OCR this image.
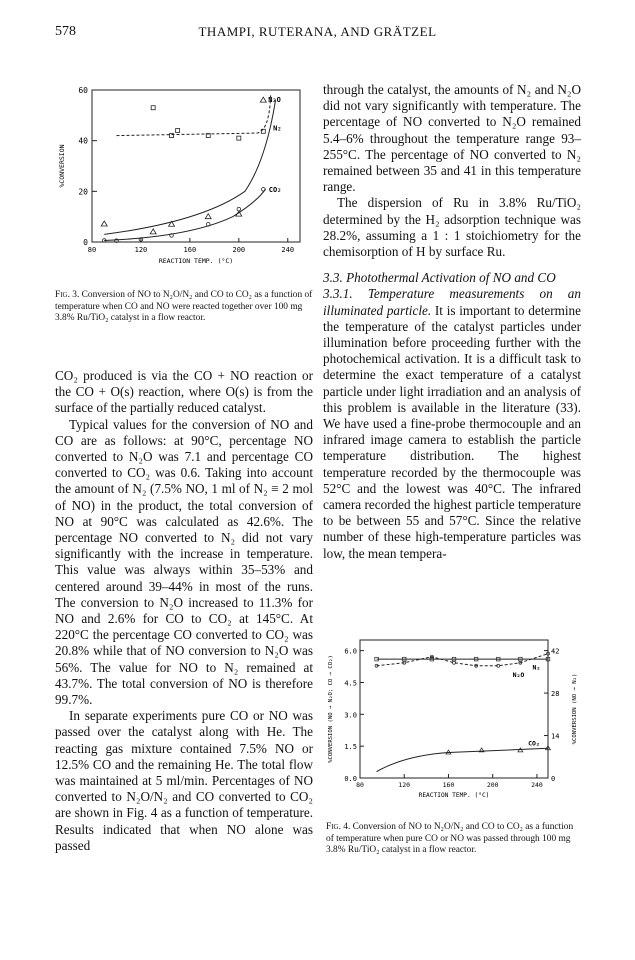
578	THAMPI, RUTERANA, AND GRÄTZEL
0
20
40
60
80	120	160	200	240
REACTION TEMP. (°C)
%CONVERSION
N₂O
N₂
CO₂
Fig. 3. Conversion of NO to N₂O/N₂ and CO to CO₂ as a function of temperature when CO and NO were reacted together over 100 mg 3.8% Ru/TiO₂ catalyst in a flow reactor.

CO₂ produced is via the CO + NO reaction or the CO + O(s) reaction, where O(s) is from the surface of the partially reduced catalyst.

Typical values for the conversion of NO and CO are as follows: at 90°C, percentage NO converted to N₂O was 7.1 and percentage CO converted to CO₂ was 0.6. Taking into account the amount of N₂ (7.5% NO, 1 ml of N₂ ≡ 2 mol of NO) in the product, the total conversion of NO at 90°C was calculated as 42.6%. The percentage NO converted to N₂ did not vary significantly with the increase in temperature. This value was always within 35–53% and centered around 39–44% in most of the runs. The conversion to N₂O increased to 11.3% for NO and 2.6% for CO to CO₂ at 145°C. At 220°C the percentage CO converted to CO₂ was 20.8% while that of NO conversion to N₂O was 56%. The value for NO to N₂ remained at 43.7%. The total conversion of NO is therefore 99.7%.

In separate experiments pure CO or NO was passed over the catalyst along with He. The reacting gas mixture contained 7.5% NO or 12.5% CO and the remaining He. The total flow was maintained at 5 ml/min. Percentages of NO converted to N₂O/N₂ and CO converted to CO₂ are shown in Fig. 4 as a function of temperature. Results indicated that when NO alone was passed

through the catalyst, the amounts of N₂ and N₂O did not vary significantly with temperature. The percentage of NO converted to N₂O remained 5.4–6% throughout the temperature range 93–255°C. The percentage of NO converted to N₂ remained between 35 and 41 in this temperature range.

The dispersion of Ru in 3.8% Ru/TiO₂ determined by the H₂ adsorption technique was 28.2%, assuming a 1 : 1 stoichiometry for the chemisorption of H by surface Ru.

3.3. Photothermal Activation of NO and CO

3.3.1. Temperature measurements on an illuminated particle. It is important to determine the temperature of the catalyst particles under illumination before proceeding further with the photochemical activation. It is a difficult task to determine the exact temperature of a catalyst particle under light irradiation and an analysis of this problem is available in the literature (33). We have used a fine-probe thermocouple and an infrared image camera to establish the particle temperature distribution. The highest temperature recorded by the thermocouple was 52°C and the lowest was 40°C. The infrared camera recorded the highest particle temperature to be between 55 and 57°C. Since the relative number of these high-temperature particles was low, the mean tempera-
0.0
1.5
3.0
4.5
6.0
0
14
28
42
80	120	160	200	240
REACTION TEMP. (°C)
%CONVERSION (NO → N₂O; CO → CO₂)	%CONVERSION (NO → N₂)
N₂
N₂O
CO₂
Fig. 4. Conversion of NO to N₂O/N₂ and CO to CO₂ as a function of temperature when pure CO or NO was passed through 100 mg 3.8% Ru/TiO₂ catalyst in a flow reactor.
